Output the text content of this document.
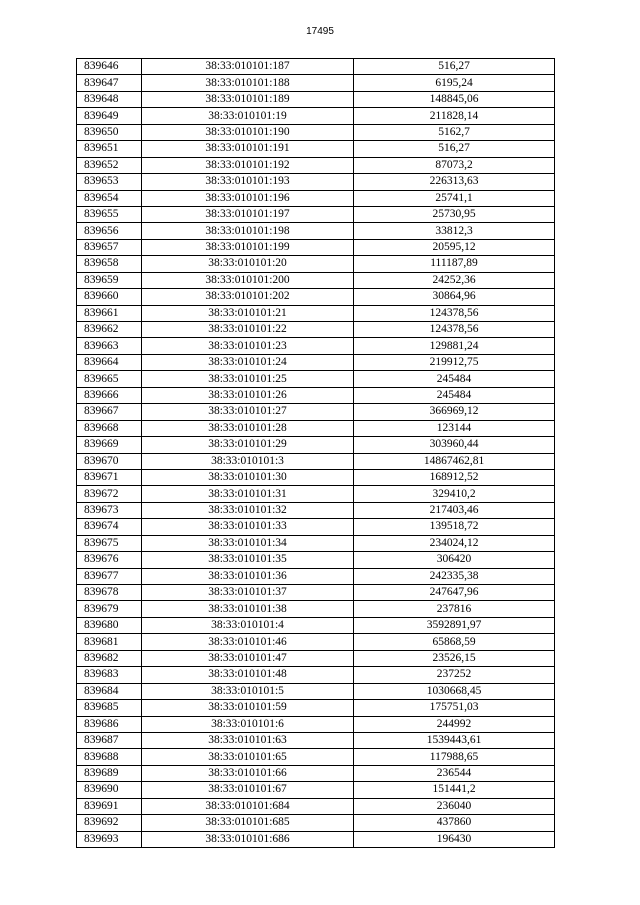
17495
839646	38:33:010101:187	516,27
839647	38:33:010101:188	6195,24
839648	38:33:010101:189	148845,06
839649	38:33:010101:19	211828,14
839650	38:33:010101:190	5162,7
839651	38:33:010101:191	516,27
839652	38:33:010101:192	87073,2
839653	38:33:010101:193	226313,63
839654	38:33:010101:196	25741,1
839655	38:33:010101:197	25730,95
839656	38:33:010101:198	33812,3
839657	38:33:010101:199	20595,12
839658	38:33:010101:20	111187,89
839659	38:33:010101:200	24252,36
839660	38:33:010101:202	30864,96
839661	38:33:010101:21	124378,56
839662	38:33:010101:22	124378,56
839663	38:33:010101:23	129881,24
839664	38:33:010101:24	219912,75
839665	38:33:010101:25	245484
839666	38:33:010101:26	245484
839667	38:33:010101:27	366969,12
839668	38:33:010101:28	123144
839669	38:33:010101:29	303960,44
839670	38:33:010101:3	14867462,81
839671	38:33:010101:30	168912,52
839672	38:33:010101:31	329410,2
839673	38:33:010101:32	217403,46
839674	38:33:010101:33	139518,72
839675	38:33:010101:34	234024,12
839676	38:33:010101:35	306420
839677	38:33:010101:36	242335,38
839678	38:33:010101:37	247647,96
839679	38:33:010101:38	237816
839680	38:33:010101:4	3592891,97
839681	38:33:010101:46	65868,59
839682	38:33:010101:47	23526,15
839683	38:33:010101:48	237252
839684	38:33:010101:5	1030668,45
839685	38:33:010101:59	175751,03
839686	38:33:010101:6	244992
839687	38:33:010101:63	1539443,61
839688	38:33:010101:65	117988,65
839689	38:33:010101:66	236544
839690	38:33:010101:67	151441,2
839691	38:33:010101:684	236040
839692	38:33:010101:685	437860
839693	38:33:010101:686	196430
